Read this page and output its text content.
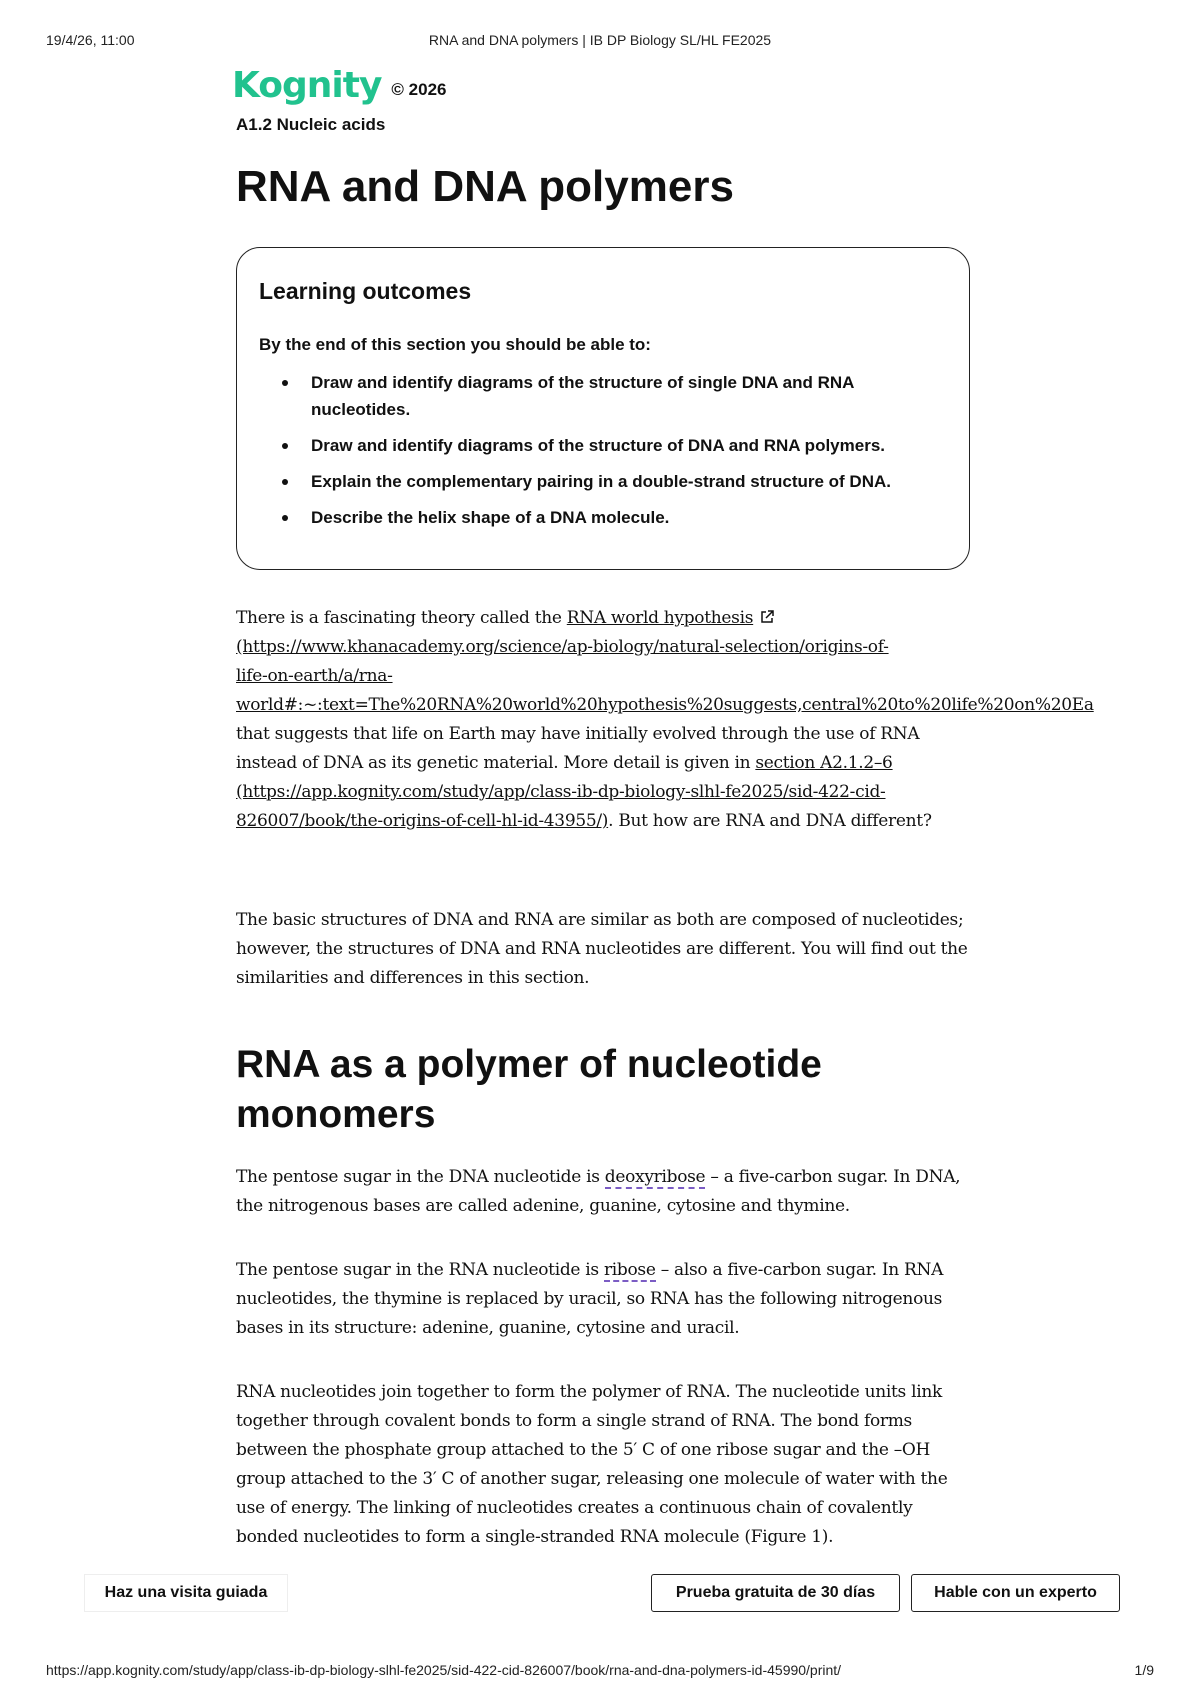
19/4/26, 11:00	RNA and DNA polymers | IB DP Biology SL/HL FE2025
Kognity © 2026
A1.2 Nucleic acids
RNA and DNA polymers
Learning outcomes

By the end of this section you should be able to:

Draw and identify diagrams of the structure of single DNA and RNA nucleotides.
Draw and identify diagrams of the structure of DNA and RNA polymers.
Explain the complementary pairing in a double-strand structure of DNA.
Describe the helix shape of a DNA molecule.

There is a fascinating theory called the RNA world hypothesis
(https://www.khanacademy.org/science/ap-biology/natural-selection/origins-of-
life-on-earth/a/rna-
world#:~:text=The%20RNA%20world%20hypothesis%20suggests,central%20to%20life%20on%20Ea
that suggests that life on Earth may have initially evolved through the use of RNA instead of DNA as its genetic material. More detail is given in section A2.1.2–6 (https://app.kognity.com/study/app/class-ib-dp-biology-slhl-fe2025/sid-422-cid-826007/book/the-origins-of-cell-hl-id-43955/). But how are RNA and DNA different?

The basic structures of DNA and RNA are similar as both are composed of nucleotides; however, the structures of DNA and RNA nucleotides are different. You will find out the similarities and differences in this section.

RNA as a polymer of nucleotide monomers

The pentose sugar in the DNA nucleotide is deoxyribose – a five-carbon sugar. In DNA, the nitrogenous bases are called adenine, guanine, cytosine and thymine.

The pentose sugar in the RNA nucleotide is ribose – also a five-carbon sugar. In RNA nucleotides, the thymine is replaced by uracil, so RNA has the following nitrogenous bases in its structure: adenine, guanine, cytosine and uracil.

RNA nucleotides join together to form the polymer of RNA. The nucleotide units link together through covalent bonds to form a single strand of RNA. The bond forms between the phosphate group attached to the 5′ C of one ribose sugar and the –OH group attached to the 3′ C of another sugar, releasing one molecule of water with the use of energy. The linking of nucleotides creates a continuous chain of covalently bonded nucleotides to form a single-stranded RNA molecule (Figure 1).

Haz una visita guiada	Prueba gratuita de 30 días	Hable con un experto
https://app.kognity.com/study/app/class-ib-dp-biology-slhl-fe2025/sid-422-cid-826007/book/rna-and-dna-polymers-id-45990/print/	1/9
